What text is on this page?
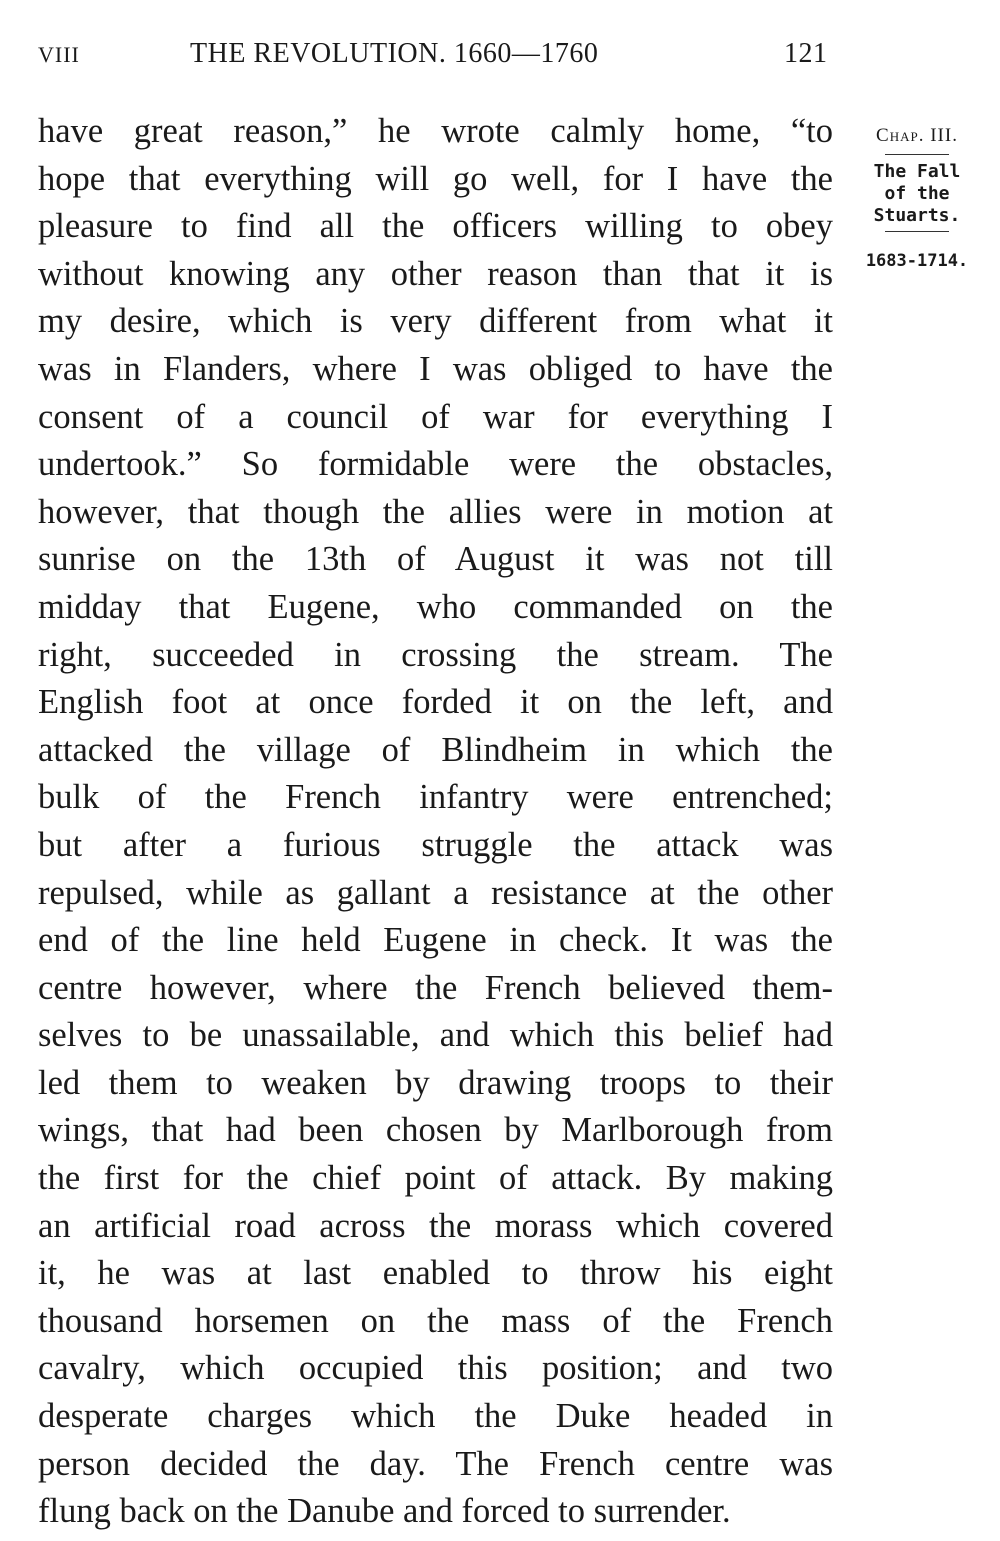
VIII	THE REVOLUTION. 1660—1760	121
have great reason,” he wrote calmly home, “to
hope that everything will go well, for I have the
pleasure to find all the officers willing to obey
without knowing any other reason than that it is
my desire, which is very different from what it
was in Flanders, where I was obliged to have the
consent of a council of war for everything I
undertook.” So formidable were the obstacles,
however, that though the allies were in motion at
sunrise on the 13th of August it was not till
midday that Eugene, who commanded on the
right, succeeded in crossing the stream. The
English foot at once forded it on the left, and
attacked the village of Blindheim in which the
bulk of the French infantry were entrenched;
but after a furious struggle the attack was
repulsed, while as gallant a resistance at the other
end of the line held Eugene in check. It was the
centre however, where the French believed them-
selves to be unassailable, and which this belief had
led them to weaken by drawing troops to their
wings, that had been chosen by Marlborough from
the first for the chief point of attack. By making
an artificial road across the morass which covered
it, he was at last enabled to throw his eight
thousand horsemen on the mass of the French
cavalry, which occupied this position; and two
desperate charges which the Duke headed in
person decided the day. The French centre was
flung back on the Danube and forced to surrender.
Chap. III.
The Fall
of the
Stuarts.
1683-1714.
